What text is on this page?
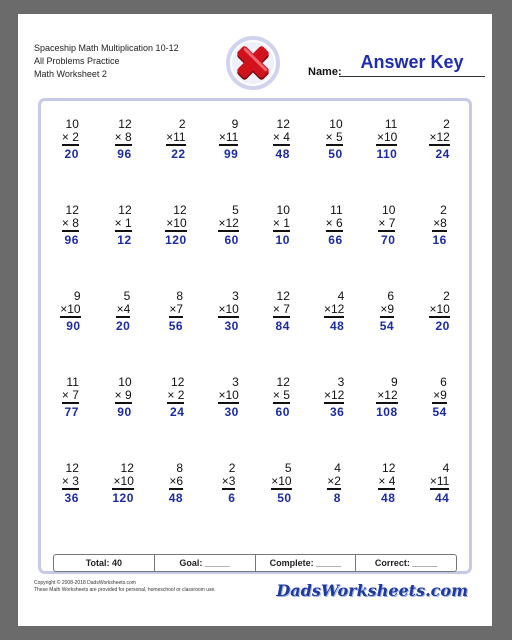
Spaceship Math Multiplication 10-12
All Problems Practice
Math Worksheet 2	Name:	Answer Key
10
× 2
20
12
× 8
96
2
×11
22
9
×11
99
12
× 4
48
10
× 5
50
11
×10
110
2
×12
24
12
× 8
96
12
× 1
12
12
×10
120
5
×12
60
10
× 1
10
11
× 6
66
10
× 7
70
2
×8
16
9
×10
90
5
×4
20
8
×7
56
3
×10
30
12
× 7
84
4
×12
48
6
×9
54
2
×10
20
11
× 7
77
10
× 9
90
12
× 2
24
3
×10
30
12
× 5
60
3
×12
36
9
×12
108
6
×9
54
12
× 3
36
12
×10
120
8
×6
48
2
×3
6
5
×10
50
4
×2
8
12
× 4
48
4
×11
44
Total: 40	Goal: _____	Complete: _____	Correct: _____
Copyright © 2008-2018 DadsWorksheets.com
These Math Worksheets are provided for personal, homeschool or classroom use.	DadsWorksheets.com
